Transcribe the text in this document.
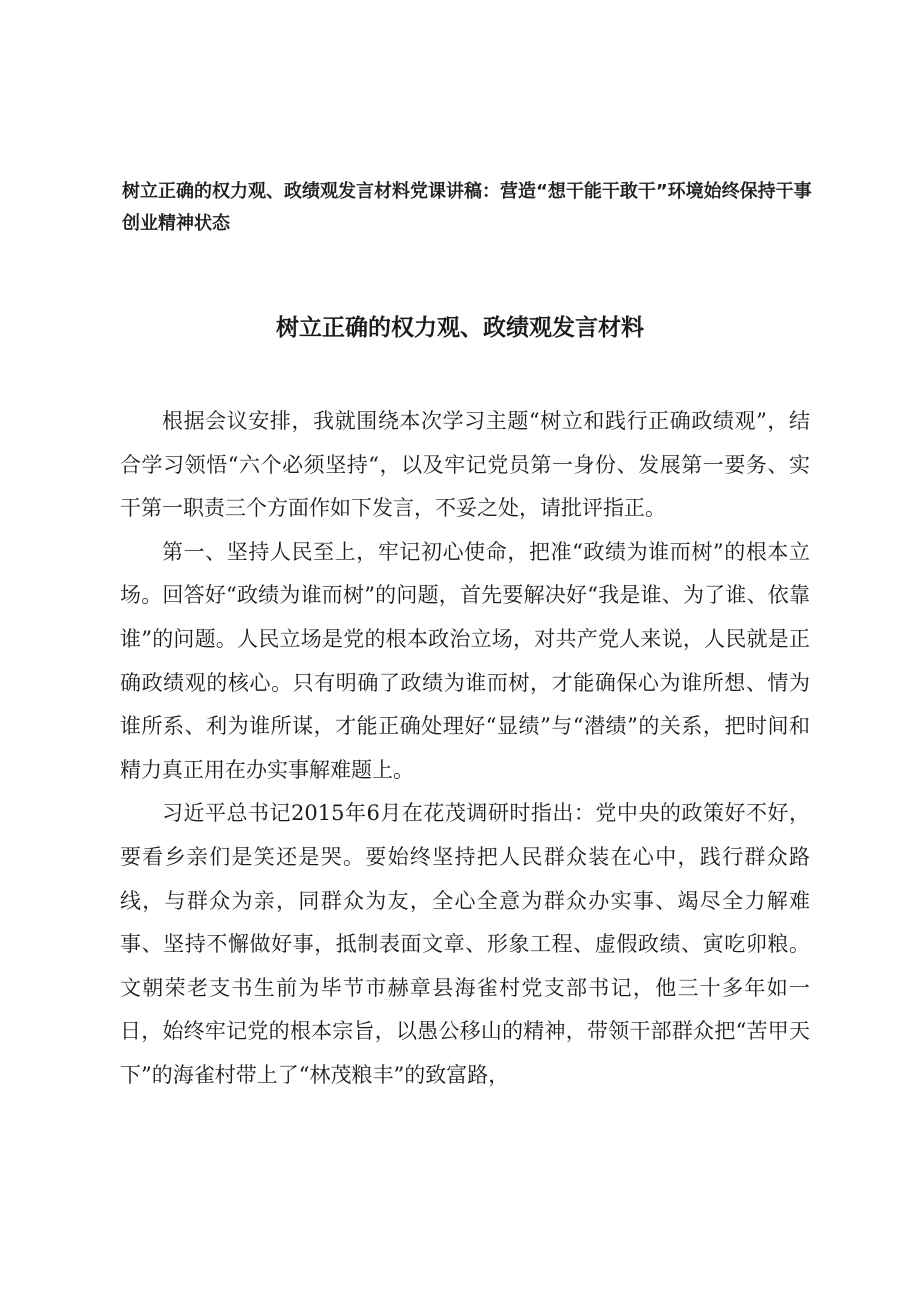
树立正确的权力观、政绩观发言材料党课讲稿：营造“想干能干敢干”环境始终保持干事创业精神状态
树立正确的权力观、政绩观发言材料

根据会议安排，我就围绕本次学习主题“树立和践行正确政绩观”，结合学习领悟“六个必须坚持“，以及牢记党员第一身份、发展第一要务、实干第一职责三个方面作如下发言，不妥之处，请批评指正。

第一、坚持人民至上，牢记初心使命，把准“政绩为谁而树”的根本立场。回答好“政绩为谁而树”的问题，首先要解决好“我是谁、为了谁、依靠谁”的问题。人民立场是党的根本政治立场，对共产党人来说，人民就是正确政绩观的核心。只有明确了政绩为谁而树，才能确保心为谁所想、情为谁所系、利为谁所谋，才能正确处理好“显绩”与“潜绩”的关系，把时间和精力真正用在办实事解难题上。

习近平总书记2015年6月在花茂调研时指出：党中央的政策好不好，要看乡亲们是笑还是哭。要始终坚持把人民群众装在心中，践行群众路线，与群众为亲，同群众为友，全心全意为群众办实事、竭尽全力解难事、坚持不懈做好事，抵制表面文章、形象工程、虚假政绩、寅吃卯粮。文朝荣老支书生前为毕节市赫章县海雀村党支部书记，他三十多年如一日，始终牢记党的根本宗旨，以愚公移山的精神，带领干部群众把“苦甲天下”的海雀村带上了“林茂粮丰”的致富路，
